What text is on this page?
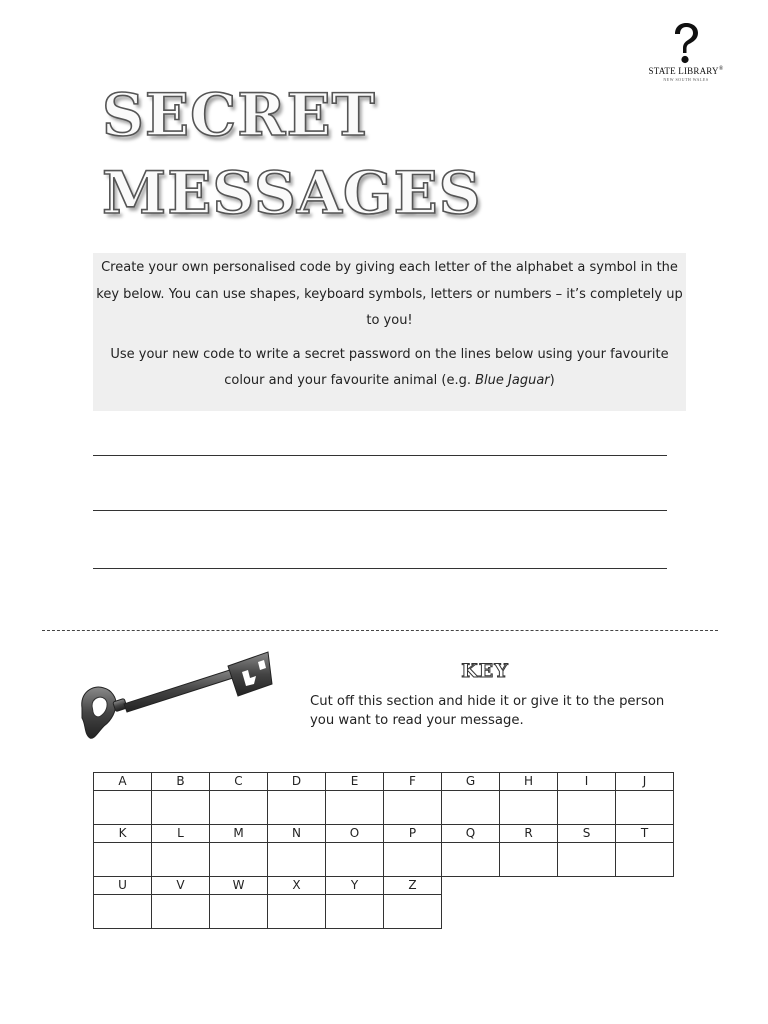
STATE LIBRARY®
NEW SOUTH WALES
SECRET
MESSAGES

Create your own personalised code by giving each letter of the alphabet a symbol in the key below. You can use shapes, keyboard symbols, letters or numbers – it’s completely up to you!

Use your new code to write a secret password on the lines below using your favourite colour and your favourite animal (e.g. Blue Jaguar)

KEY
Cut off this section and hide it or give it to the person you want to read your message.
A	B	C	D	E	F	G	H	I	J

K	L	M	N	O	P	Q	R	S	T

U	V	W	X	Y	Z				
